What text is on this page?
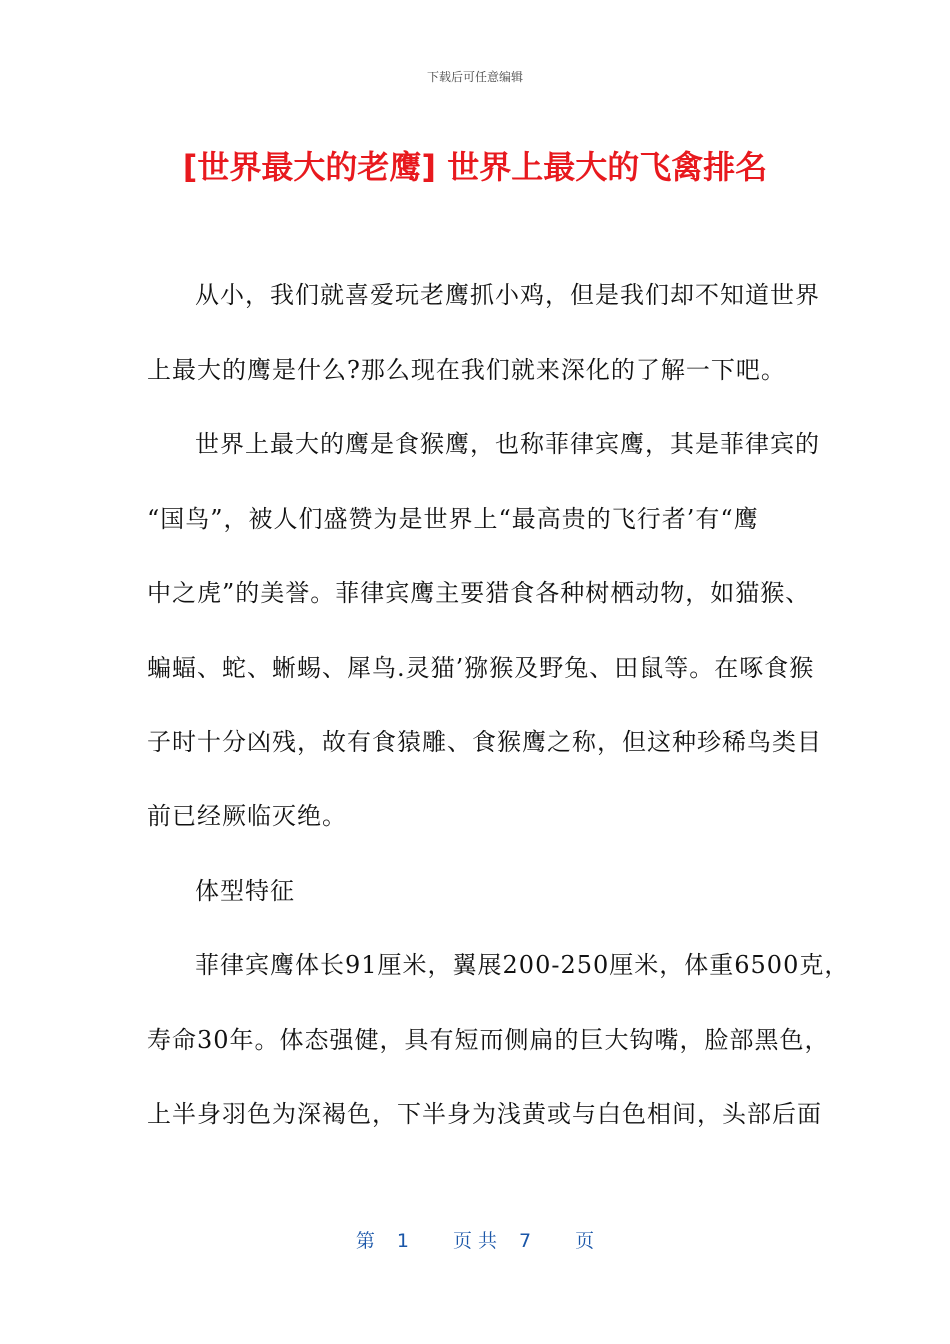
下载后可任意编辑
[世界最大的老鹰] 世界上最大的飞禽排名
从小，我们就喜爱玩老鹰抓小鸡，但是我们却不知道世界
上最大的鹰是什么?那么现在我们就来深化的了解一下吧。
世界上最大的鹰是食猴鹰，也称菲律宾鹰，其是菲律宾的
“国鸟”，被人们盛赞为是世界上“最高贵的飞行者’有“鹰
中之虎”的美誉。菲律宾鹰主要猎食各种树栖动物，如猫猴、
蝙蝠、蛇、蜥蜴、犀鸟.灵猫’猕猴及野兔、田鼠等。在啄食猴
子时十分凶残，故有食猿雕、食猴鹰之称，但这种珍稀鸟类目
前已经厥临灭绝。
体型特征
菲律宾鹰体长91厘米，翼展200-250厘米，体重6500克，
寿命30年。体态强健，具有短而侧扁的巨大钩嘴，脸部黑色，
上半身羽色为深褐色，下半身为浅黄或与白色相间，头部后面
第 1 页 共 7 页
